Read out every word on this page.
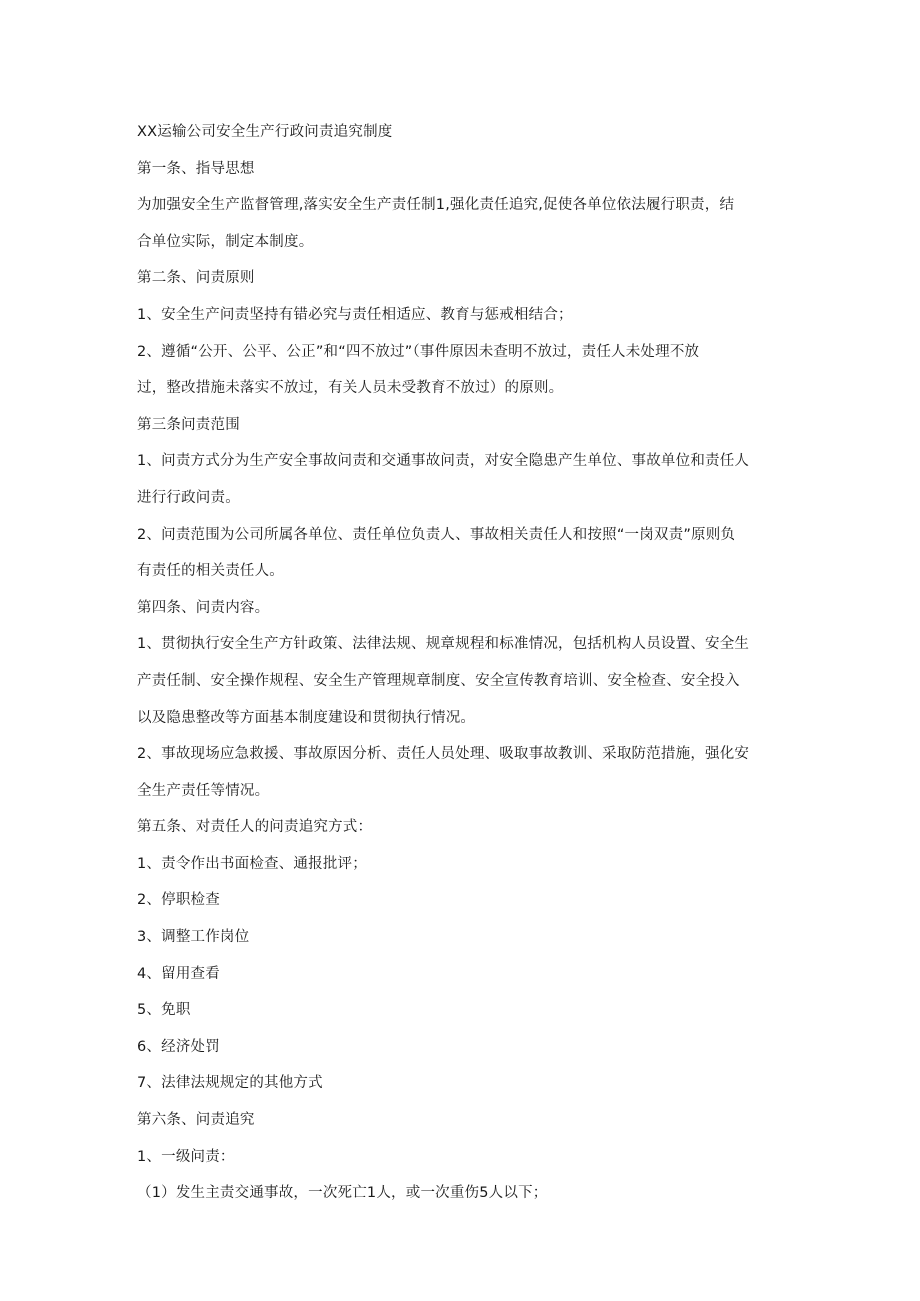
XX运输公司安全生产行政问责追究制度

第一条、指导思想

为加强安全生产监督管理,落实安全生产责任制1,强化责任追究,促使各单位依法履行职责，结

合单位实际，制定本制度。

第二条、问责原则

1、安全生产问责坚持有错必究与责任相适应、教育与惩戒相结合；

2、遵循“公开、公平、公正”和“四不放过”（事件原因未查明不放过，责任人未处理不放

过，整改措施未落实不放过，有关人员未受教育不放过）的原则。

第三条问责范围

1、问责方式分为生产安全事故问责和交通事故问责，对安全隐患产生单位、事故单位和责任人

进行行政问责。

2、问责范围为公司所属各单位、责任单位负责人、事故相关责任人和按照“一岗双责”原则负

有责任的相关责任人。

第四条、问责内容。

1、贯彻执行安全生产方针政策、法律法规、规章规程和标准情况，包括机构人员设置、安全生

产责任制、安全操作规程、安全生产管理规章制度、安全宣传教育培训、安全检查、安全投入

以及隐患整改等方面基本制度建设和贯彻执行情况。

2、事故现场应急救援、事故原因分析、责任人员处理、吸取事故教训、采取防范措施，强化安

全生产责任等情况。

第五条、对责任人的问责追究方式：

1、责令作出书面检查、通报批评；

2、停职检查

3、调整工作岗位

4、留用查看

5、免职

6、经济处罚

7、法律法规规定的其他方式

第六条、问责追究

1、一级问责：

（1）发生主责交通事故，一次死亡1人，或一次重伤5人以下；
